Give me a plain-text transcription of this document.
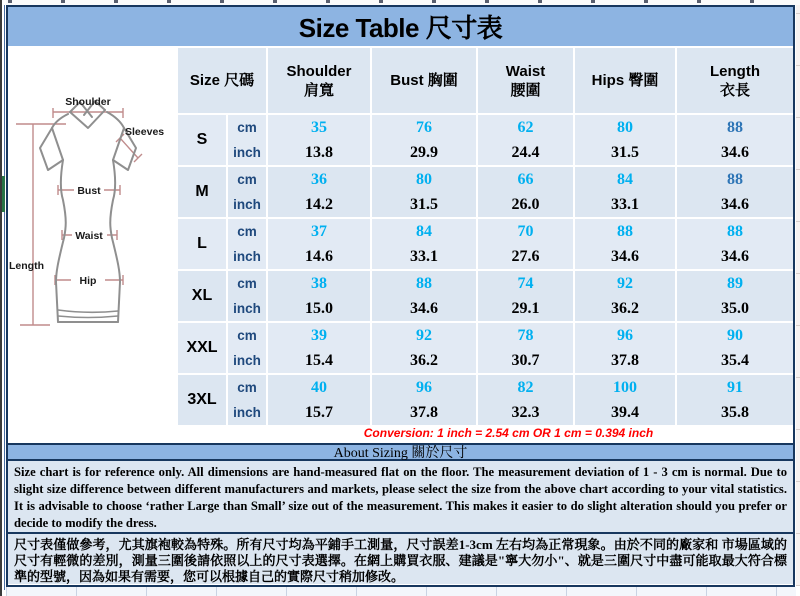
Size Table 尺寸表
Shoulder
Sleeves
Bust
Waist
Hip
Length
Size 尺碼
Shoulder
肩寬
Bust 胸圍
Waist
腰圍
Hips 臀圍
Length
衣長
S
cm
inch
35
13.8
76
29.9
62
24.4
80
31.5
88
34.6
M
cm
inch
36
14.2
80
31.5
66
26.0
84
33.1
88
34.6
L
cm
inch
37
14.6
84
33.1
70
27.6
88
34.6
88
34.6
XL
cm
inch
38
15.0
88
34.6
74
29.1
92
36.2
89
35.0
XXL
cm
inch
39
15.4
92
36.2
78
30.7
96
37.8
90
35.4
3XL
cm
inch
40
15.7
96
37.8
82
32.3
100
39.4
91
35.8
Conversion: 1 inch = 2.54 cm OR 1 cm = 0.394 inch
About Sizing 關於尺寸
Size chart is for reference only. All dimensions are hand-measured flat on the floor. The measurement deviation of 1 - 3 cm is normal. Due to slight size difference between different manufacturers and markets, please select the size from the above chart according to your vital statistics. It is advisable to choose ‘rather Large than Small’ size out of the measurement. This makes it easier to do slight alteration should you prefer or decide to modify the dress.
尺寸表僅做參考，尤其旗袍較為特殊。所有尺寸均為平鋪手工測量，尺寸誤差1-3cm 左右均為正常現象。由於不同的廠家和 市場區域的尺寸有輕微的差別，測量三圍後請依照以上的尺寸表選擇。在網上購買衣服、建議是"寧大勿小"、就是三圍尺寸中盡可能取最大符合標準的型號，因為如果有需要，您可以根據自己的實際尺寸稍加修改。
